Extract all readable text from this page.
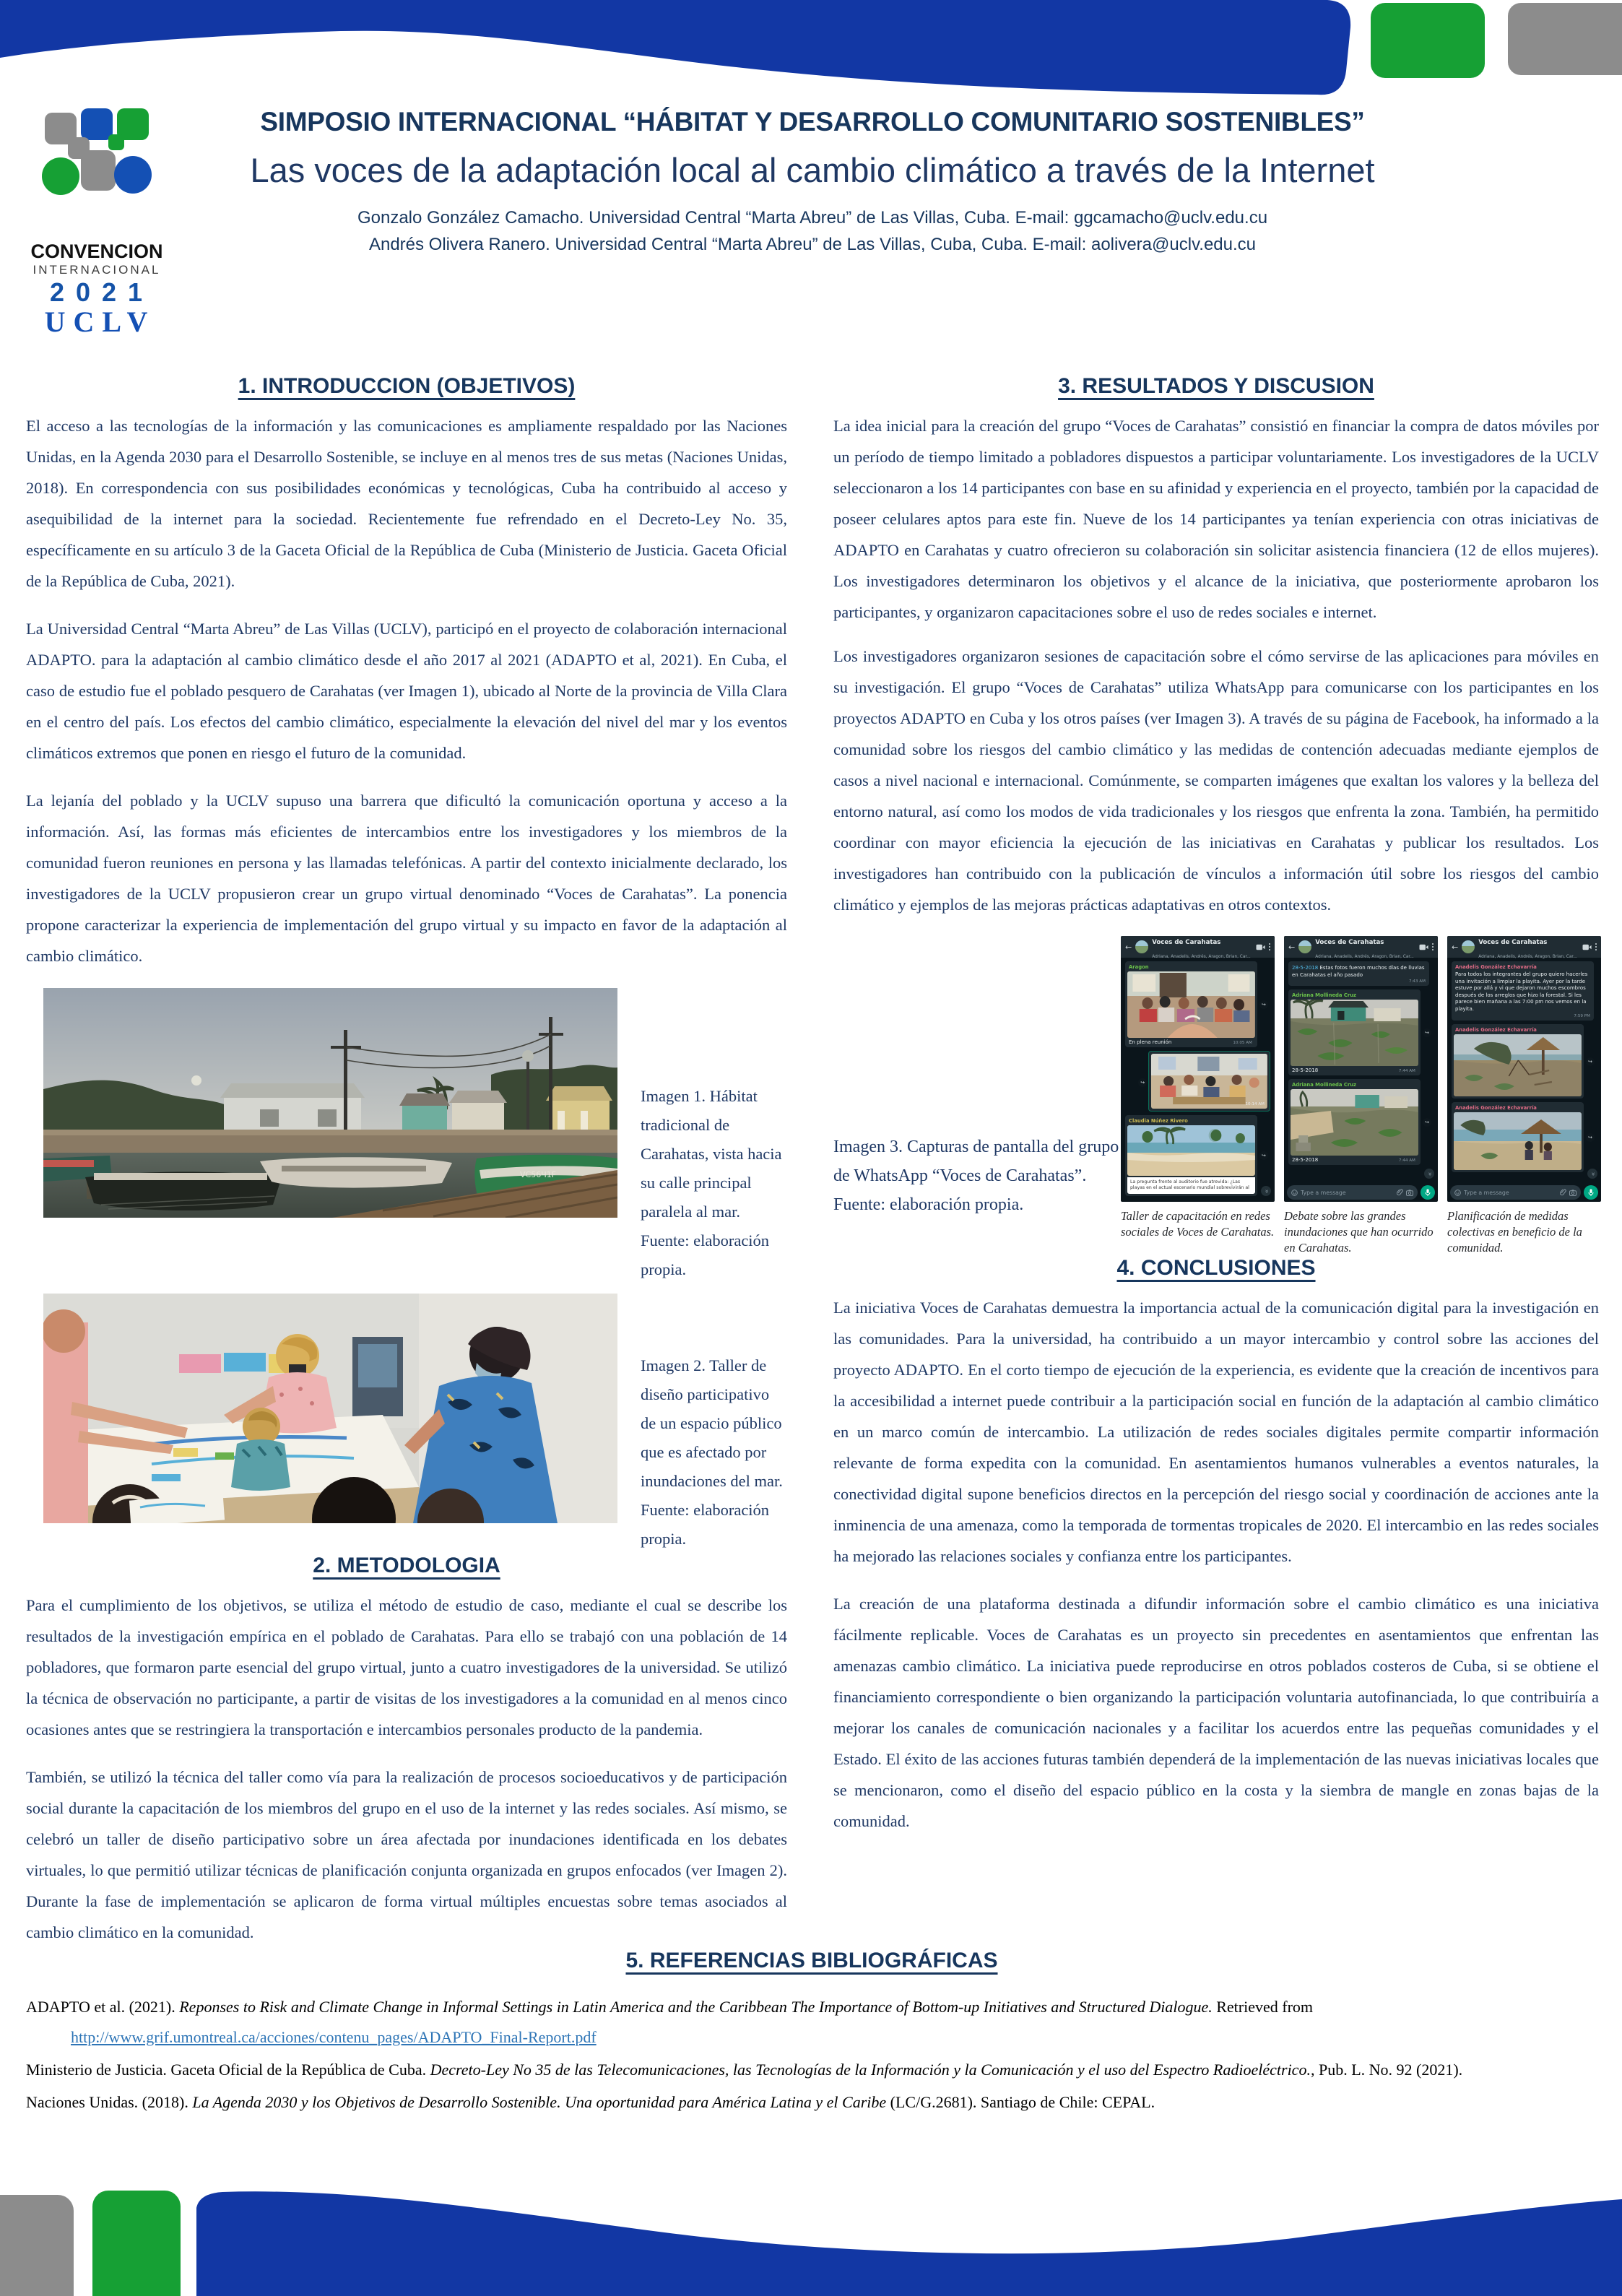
CONVENCION
INTERNACIONAL
2021
UCLV
SIMPOSIO INTERNACIONAL “HÁBITAT Y DESARROLLO COMUNITARIO SOSTENIBLES”
Las voces de la adaptación local al cambio climático a través de la Internet
Gonzalo González Camacho. Universidad Central “Marta Abreu” de Las Villas, Cuba. E-mail: ggcamacho@uclv.edu.cu
Andrés Olivera Ranero. Universidad Central “Marta Abreu” de Las Villas, Cuba, Cuba. E-mail: aolivera@uclv.edu.cu
1. INTRODUCCION (OBJETIVOS)

El acceso a las tecnologías de la información y las comunicaciones es ampliamente respaldado por las Naciones Unidas, en la Agenda 2030 para el Desarrollo Sostenible, se incluye en al menos tres de sus metas (Naciones Unidas, 2018). En correspondencia con sus posibilidades económicas y tecnológicas, Cuba ha contribuido al acceso y asequibilidad de la internet para la sociedad. Recientemente fue refrendado en el Decreto-Ley No. 35, específicamente en su artículo 3 de la Gaceta Oficial de la República de Cuba (Ministerio de Justicia. Gaceta Oficial de la República de Cuba, 2021).

La Universidad Central “Marta Abreu” de Las Villas (UCLV), participó en el proyecto de colaboración internacional ADAPTO. para la adaptación al cambio climático desde el año 2017 al 2021 (ADAPTO et al, 2021). En Cuba, el caso de estudio fue el poblado pesquero de Carahatas (ver Imagen 1), ubicado al Norte de la provincia de Villa Clara en el centro del país. Los efectos del cambio climático, especialmente la elevación del nivel del mar y los eventos climáticos extremos que ponen en riesgo el futuro de la comunidad.

La lejanía del poblado y la UCLV supuso una barrera que dificultó la comunicación oportuna y acceso a la información. Así, las formas más eficientes de intercambios entre los investigadores y los miembros de la comunidad fueron reuniones en persona y las llamadas telefónicas. A partir del contexto inicialmente declarado, los investigadores de la UCLV propusieron crear un grupo virtual denominado “Voces de Carahatas”. La ponencia propone caracterizar la experiencia de implementación del grupo virtual y su impacto en favor de la adaptación al cambio climático.

VC56Ч1F
Imagen 1. Hábitat tradicional de Carahatas, vista hacia su calle principal paralela al mar. Fuente: elaboración propia.
Imagen 2. Taller de diseño participativo de un espacio público que es afectado por inundaciones del mar. Fuente: elaboración propia.
2. METODOLOGIA

Para el cumplimiento de los objetivos, se utiliza el método de estudio de caso, mediante el cual se describe los resultados de la investigación empírica en el poblado de Carahatas. Para ello se trabajó con una población de 14 pobladores, que formaron parte esencial del grupo virtual, junto a cuatro investigadores de la universidad. Se utilizó la técnica de observación no participante, a partir de visitas de los investigadores a la comunidad en al menos cinco ocasiones antes que se restringiera la transportación e intercambios personales producto de la pandemia.

También, se utilizó la técnica del taller como vía para la realización de procesos socioeducativos y de participación social durante la capacitación de los miembros del grupo en el uso de la internet y las redes sociales. Así mismo, se celebró un taller de diseño participativo sobre un área afectada por inundaciones identificada en los debates virtuales, lo que permitió utilizar técnicas de planificación conjunta organizada en grupos enfocados (ver Imagen 2). Durante la fase de implementación se aplicaron de forma virtual múltiples encuestas sobre temas asociados al cambio climático en la comunidad.

3. RESULTADOS Y DISCUSION

La idea inicial para la creación del grupo “Voces de Carahatas” consistió en financiar la compra de datos móviles por un período de tiempo limitado a pobladores dispuestos a participar voluntariamente. Los investigadores de la UCLV seleccionaron a los 14 participantes con base en su afinidad y experiencia en el proyecto, también por la capacidad de poseer celulares aptos para este fin. Nueve de los 14 participantes ya tenían experiencia con otras iniciativas de ADAPTO en Carahatas y cuatro ofrecieron su colaboración sin solicitar asistencia financiera (12 de ellos mujeres). Los investigadores determinaron los objetivos y el alcance de la iniciativa, que posteriormente aprobaron los participantes, y organizaron capacitaciones sobre el uso de redes sociales e internet.

Los investigadores organizaron sesiones de capacitación sobre el cómo servirse de las aplicaciones para móviles en su investigación. El grupo “Voces de Carahatas” utiliza WhatsApp para comunicarse con los participantes en los proyectos ADAPTO en Cuba y los otros países (ver Imagen 3). A través de su página de Facebook, ha informado a la comunidad sobre los riesgos del cambio climático y las medidas de contención adecuadas mediante ejemplos de casos a nivel nacional e internacional. Comúnmente, se comparten imágenes que exaltan los valores y la belleza del entorno natural, así como los modos de vida tradicionales y los riesgos que enfrenta la zona. También, ha permitido coordinar con mayor eficiencia la ejecución de las iniciativas en Carahatas y publicar los resultados. Los investigadores han contribuido con la publicación de vínculos a información útil sobre los riesgos del cambio climático y ejemplos de las mejoras prácticas adaptativas en otros contextos.

Imagen 3. Capturas de pantalla del grupo de WhatsApp “Voces de Carahatas”. Fuente: elaboración propia.
←	Voces de Carahatas Adriana, Anadelis, Andrés, Aragon, Brian, Car...
Aragon
En plena reunión	10:05 AM
↪
10:14 AM
↪
Claudia Núñez Rivero
La pregunta frente al auditorio fue atrevida: ¿Las playas en el actual escenario mundial sobrevivirán al
↪
»
Taller de capacitación en redes sociales de Voces de Carahatas.
←	Voces de Carahatas Adriana, Anadelis, Andrés, Aragon, Brian, Car...
28-5-2018 Estas fotos fueron muchos días de lluvias en Carahatas el año pasado
7:43 AM
Adriana Mollineda Cruz
28-5-2018	7:44 AM
↪
Adriana Mollineda Cruz
28-5-2018	7:44 AM
↪
»
Type a message
Debate sobre las grandes inundaciones que han ocurrido en Carahatas.
←	Voces de Carahatas Adriana, Anadelis, Andrés, Aragon, Brian, Car...
Anadelis González Echavarría
Para todos los integrantes del grupo quiero hacerles una invitación a limpiar la playita. Ayer por la tarde estuve por allá y vi que dejaron muchos escombros después de los arreglos que hizo la forestal. Si les parece bien mañana a las 7:00 pm nos vemos en la playita.
7:59 PM
Anadelis González Echavarría
↪
Anadelis González Echavarría
↪
»
Type a message
Planificación de medidas colectivas en beneficio de la comunidad.
4. CONCLUSIONES

La iniciativa Voces de Carahatas demuestra la importancia actual de la comunicación digital para la investigación en las comunidades. Para la universidad, ha contribuido a un mayor intercambio y control sobre las acciones del proyecto ADAPTO. En el corto tiempo de ejecución de la experiencia, es evidente que la creación de incentivos para la accesibilidad a internet puede contribuir a la participación social en función de la adaptación al cambio climático en un marco común de intercambio. La utilización de redes sociales digitales permite compartir información relevante de forma expedita con la comunidad. En asentamientos humanos vulnerables a eventos naturales, la conectividad digital supone beneficios directos en la percepción del riesgo social y coordinación de acciones ante la inminencia de una amenaza, como la temporada de tormentas tropicales de 2020. El intercambio en las redes sociales ha mejorado las relaciones sociales y confianza entre los participantes.

La creación de una plataforma destinada a difundir información sobre el cambio climático es una iniciativa fácilmente replicable. Voces de Carahatas es un proyecto sin precedentes en asentamientos que enfrentan las amenazas cambio climático. La iniciativa puede reproducirse en otros poblados costeros de Cuba, si se obtiene el financiamiento correspondiente o bien organizando la participación voluntaria autofinanciada, lo que contribuiría a mejorar los canales de comunicación nacionales y a facilitar los acuerdos entre las pequeñas comunidades y el Estado. El éxito de las acciones futuras también dependerá de la implementación de las nuevas iniciativas locales que se mencionaron, como el diseño del espacio público en la costa y la siembra de mangle en zonas bajas de la comunidad.

5. REFERENCIAS BIBLIOGRÁFICAS
ADAPTO et al. (2021). Reponses to Risk and Climate Change in Informal Settings in Latin America and the Caribbean The Importance of Bottom-up Initiatives and Structured Dialogue. Retrieved from
http://www.grif.umontreal.ca/acciones/contenu_pages/ADAPTO_Final-Report.pdf
Ministerio de Justicia. Gaceta Oficial de la República de Cuba. Decreto-Ley No 35 de las Telecomunicaciones, las Tecnologías de la Información y la Comunicación y el uso del Espectro Radioeléctrico., Pub. L. No. 92 (2021).
Naciones Unidas. (2018). La Agenda 2030 y los Objetivos de Desarrollo Sostenible. Una oportunidad para América Latina y el Caribe (LC/G.2681). Santiago de Chile: CEPAL.
